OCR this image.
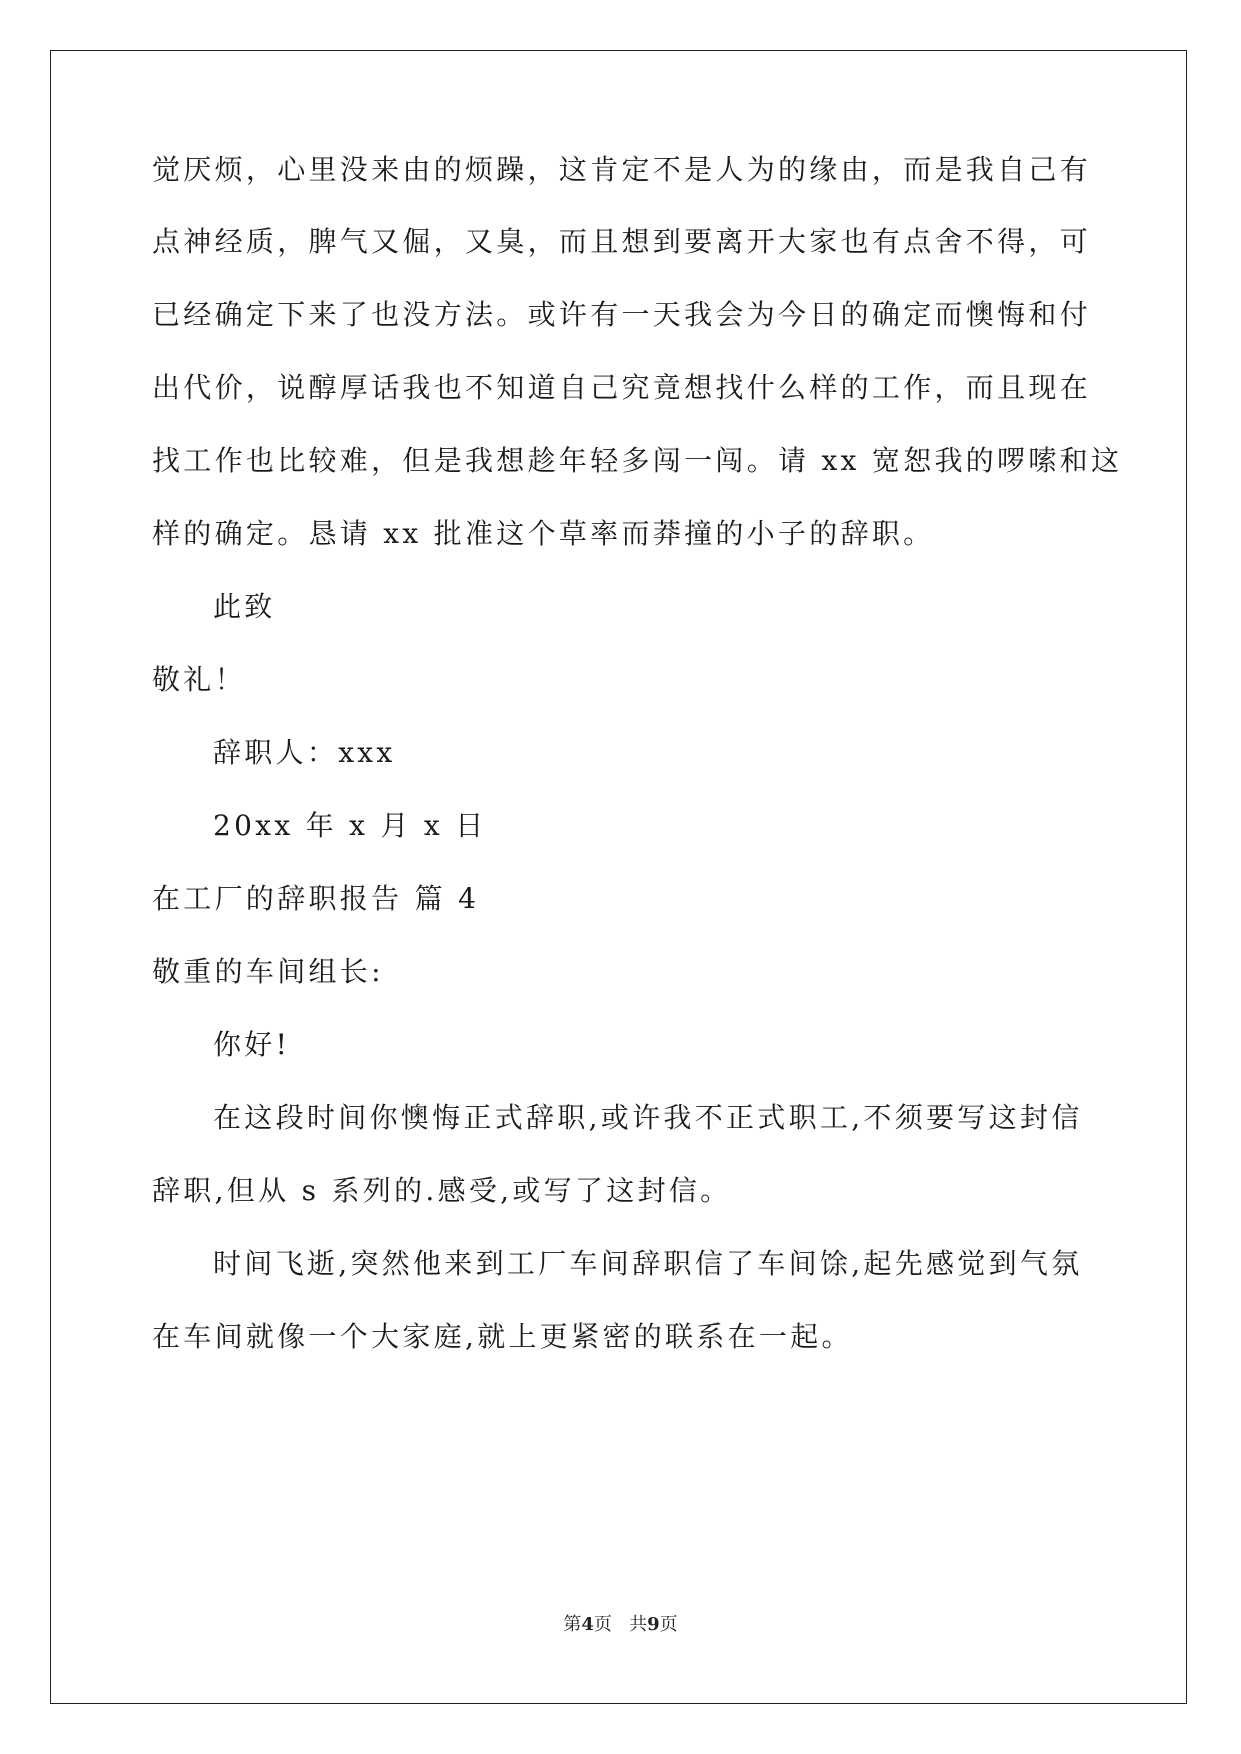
觉厌烦，心里没来由的烦躁，这肯定不是人为的缘由，而是我自己有
点神经质，脾气又倔，又臭，而且想到要离开大家也有点舍不得，可
已经确定下来了也没方法。或许有一天我会为今日的确定而懊悔和付
出代价，说醇厚话我也不知道自己究竟想找什么样的工作，而且现在
找工作也比较难，但是我想趁年轻多闯一闯。请 xx 宽恕我的啰嗦和这
样的确定。恳请 xx 批准这个草率而莽撞的小子的辞职。
此致
敬礼！
辞职人：xxx
20xx 年 x 月 x 日
在工厂的辞职报告 篇 4
敬重的车间组长:
你好!
在这段时间你懊悔正式辞职,或许我不正式职工,不须要写这封信
辞职,但从 s 系列的.感受,或写了这封信。
时间飞逝,突然他来到工厂车间辞职信了车间馀,起先感觉到气氛
在车间就像一个大家庭,就上更紧密的联系在一起。
第4页 共9页
